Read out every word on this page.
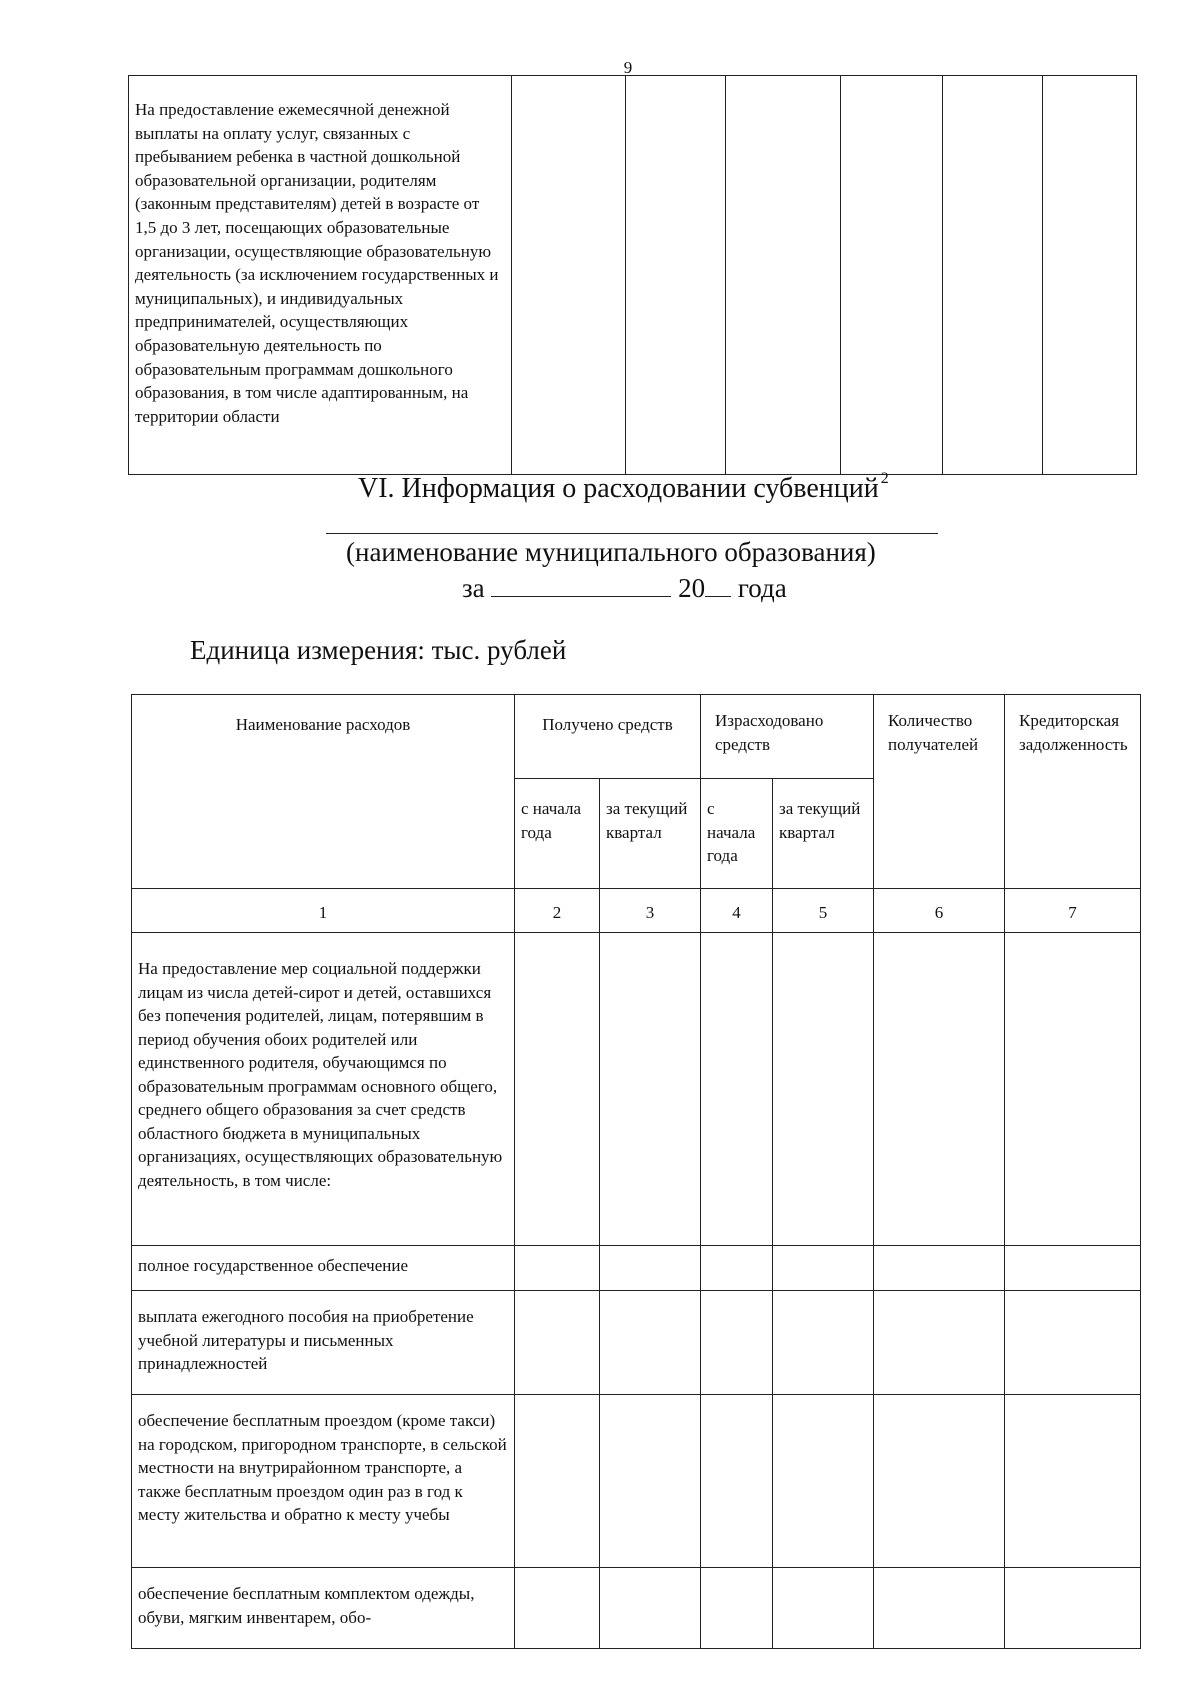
9
На предоставление ежемесячной денежной выплаты на оплату услуг, связанных с пребыванием ребенка в частной дошкольной образовательной организации, родителям (законным представителям) детей в возрасте от 1,5 до 3 лет, посещающих образовательные организации, осуществляющие образовательную деятельность (за исключением государственных и муниципальных), и индивидуальных предпринимателей, осуществляющих образовательную деятельность по образовательным программам дошкольного образования, в том числе адаптированным, на территории области						
VI. Информация о расходовании субвенций $^2$
(наименование муниципального образования)
за	20 года
Единица измерения: тыс. рублей
Наименование расходов	Получено средств		Израсходовано средств		Количество получателей	Кредиторская задолженность
	с начала года	за текущий квартал	с начала года	за текущий квартал		
1	2	3	4	5	6	7
На предоставление мер социальной поддержки лицам из числа детей-сирот и детей, оставшихся без попечения родителей, лицам, потерявшим в период обучения обоих родителей или единственного родителя, обучающимся по образовательным программам основного общего, среднего общего образования за счет средств областного бюджета в муниципальных организациях, осуществляющих образовательную деятельность, в том числе:						
полное государственное обеспечение						
выплата ежегодного пособия на приобретение учебной литературы и письменных принадлежностей						
обеспечение бесплатным проездом (кроме такси) на городском, пригородном транспорте, в сельской местности на внутрирайонном транспорте, а также бесплатным проездом один раз в год к месту жительства и обратно к месту учебы						
обеспечение бесплатным комплектом одежды, обуви, мягким инвентарем, обо-						
